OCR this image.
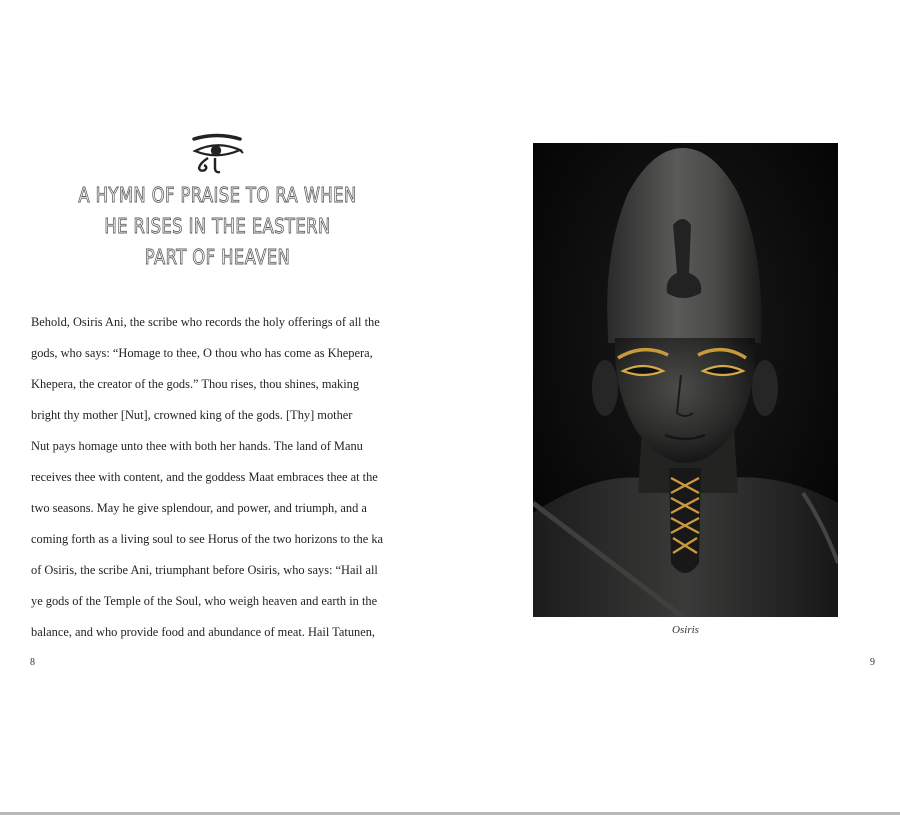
A HYMN OF PRAISE TO RA WHEN
HE RISES IN THE EASTERN
PART OF HEAVEN
Behold, Osiris Ani, the scribe who records the holy offerings of all the
gods, who says: “Homage to thee, O thou who has come as Khepera,
Khepera, the creator of the gods.” Thou rises, thou shines, making
bright thy mother [Nut], crowned king of the gods. [Thy] mother
Nut pays homage unto thee with both her hands. The land of Manu
receives thee with content, and the goddess Maat embraces thee at the
two seasons. May he give splendour, and power, and triumph, and a
coming forth as a living soul to see Horus of the two horizons to the ka
of Osiris, the scribe Ani, triumphant before Osiris, who says: “Hail all
ye gods of the Temple of the Soul, who weigh heaven and earth in the
balance, and who provide food and abundance of meat. Hail Tatunen,
8
Osiris
9
